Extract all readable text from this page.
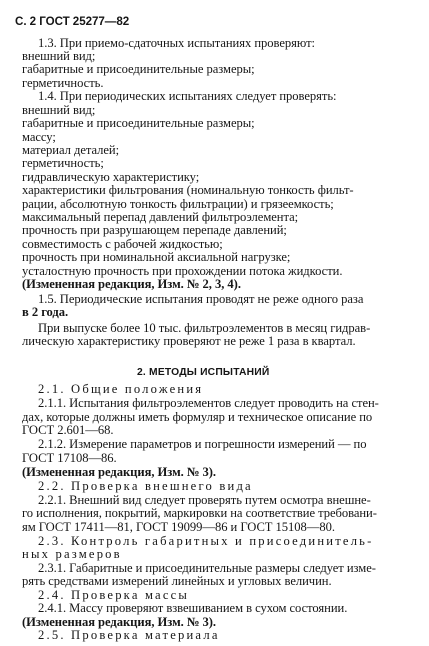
С. 2 ГОСТ 25277—82
1.3. При приемо-сдаточных испытаниях проверяют:
внешний вид;
габаритные и присоединительные размеры;
герметичность.
1.4. При периодических испытаниях следует проверять:
внешний вид;
габаритные и присоединительные размеры;
массу;
материал деталей;
герметичность;
гидравлическую характеристику;
характеристики фильтрования (номинальную тонкость фильт-
рации, абсолютную тонкость фильтрации) и грязеемкость;
максимальный перепад давлений фильтроэлемента;
прочность при разрушающем перепаде давлений;
совместимость с рабочей жидкостью;
прочность при номинальной аксиальной нагрузке;
устaлостную прочность при прохождении потока жидкости.
(Измененная редакция, Изм. № 2, 3, 4).
1.5. Периодические испытания проводят не реже одного раза
в 2 года.
При выпуске более 10 тыс. фильтроэлементов в месяц гидрав-
лическую характеристику проверяют не реже 1 раза в квартал.
2. МЕТОДЫ ИСПЫТАНИЙ
2.1. Общие положения
2.1.1. Испытания фильтроэлементов следует проводить на стен-
дах, которые должны иметь формуляр и техническое описание по
ГОСТ 2.601—68.
2.1.2. Измерение параметров и погрешности измерений — по
ГОСТ 17108—86.
(Измененная редакция, Изм. № 3).
2.2. Проверка внешнего вида
2.2.1. Внешний вид следует проверять путем осмотра внешне-
го исполнения, покрытий, маркировки на соответствие требовани-
ям ГОСТ 17411—81, ГОСТ 19099—86 и ГОСТ 15108—80.
2.3. Контроль габаритных и присоединитель-
ных размеров
2.3.1. Габаритные и присоединительные размеры следует изме-
рять средствами измерений линейных и угловых величин.
2.4. Проверка массы
2.4.1. Массу проверяют взвешиванием в сухом состоянии.
(Измененная редакция, Изм. № 3).
2.5. Проверка материала
